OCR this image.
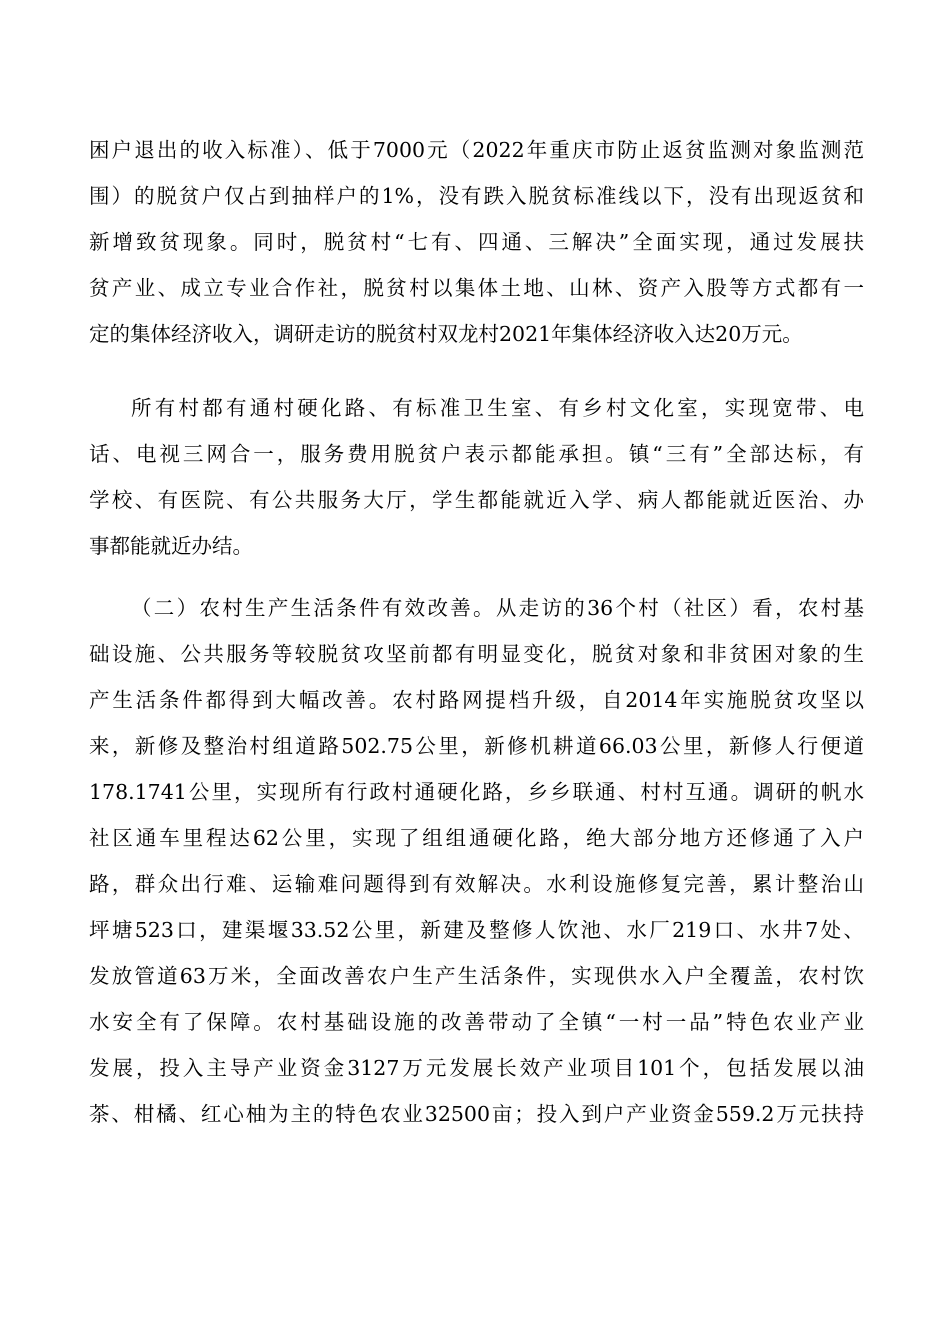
困户退出的收入标准）、低于7000元（2022年重庆市防止返贫监测对象监测范
围）的脱贫户仅占到抽样户的1%，没有跌入脱贫标准线以下，没有出现返贫和
新增致贫现象。同时，脱贫村“七有、四通、三解决”全面实现，通过发展扶
贫产业、成立专业合作社，脱贫村以集体土地、山林、资产入股等方式都有一
定的集体经济收入，调研走访的脱贫村双龙村2021年集体经济收入达20万元。
所有村都有通村硬化路、有标准卫生室、有乡村文化室，实现宽带、电
话、电视三网合一，服务费用脱贫户表示都能承担。镇“三有”全部达标，有
学校、有医院、有公共服务大厅，学生都能就近入学、病人都能就近医治、办
事都能就近办结。
（二）农村生产生活条件有效改善。从走访的36个村（社区）看，农村基
础设施、公共服务等较脱贫攻坚前都有明显变化，脱贫对象和非贫困对象的生
产生活条件都得到大幅改善。农村路网提档升级，自2014年实施脱贫攻坚以
来，新修及整治村组道路502.75公里，新修机耕道66.03公里，新修人行便道
178.1741公里，实现所有行政村通硬化路，乡乡联通、村村互通。调研的帆水
社区通车里程达62公里，实现了组组通硬化路，绝大部分地方还修通了入户
路，群众出行难、运输难问题得到有效解决。水利设施修复完善，累计整治山
坪塘523口，建渠堰33.52公里，新建及整修人饮池、水厂219口、水井7处、
发放管道63万米，全面改善农户生产生活条件，实现供水入户全覆盖，农村饮
水安全有了保障。农村基础设施的改善带动了全镇“一村一品”特色农业产业
发展，投入主导产业资金3127万元发展长效产业项目101个，包括发展以油
茶、柑橘、红心柚为主的特色农业32500亩；投入到户产业资金559.2万元扶持
